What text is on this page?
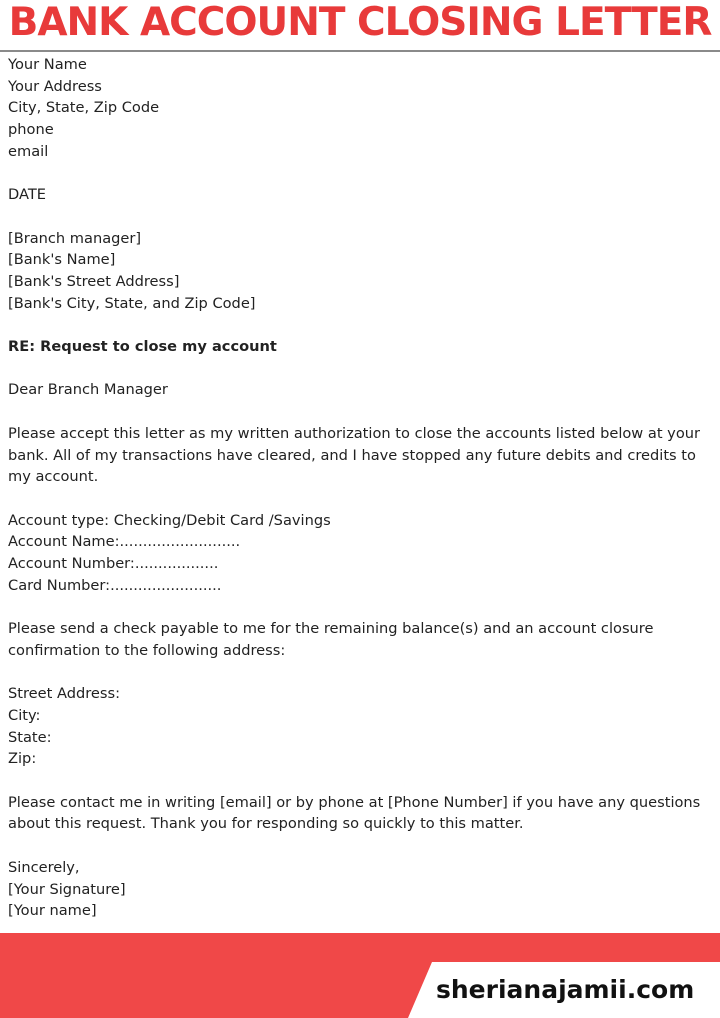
BANK ACCOUNT CLOSING LETTER

Your Name

Your Address

City, State, Zip Code

phone

email

DATE

[Branch manager]

[Bank's Name]

[Bank's Street Address]

[Bank's City, State, and Zip Code]

RE: Request to close my account

Dear Branch Manager

Please accept this letter as my written authorization to close the accounts listed below at your bank. All of my transactions have cleared, and I have stopped any future debits and credits to my account.

Account type: Checking/Debit Card /Savings

Account Name:..........................

Account Number:..................

Card Number:........................

Please send a check payable to me for the remaining balance(s) and an account closure confirmation to the following address:

Street Address:

City:

State:

Zip:

Please contact me in writing [email] or by phone at [Phone Number] if you have any questions about this request. Thank you for responding so quickly to this matter.

Sincerely,

[Your Signature]

[Your name]

sherianajamii.com
